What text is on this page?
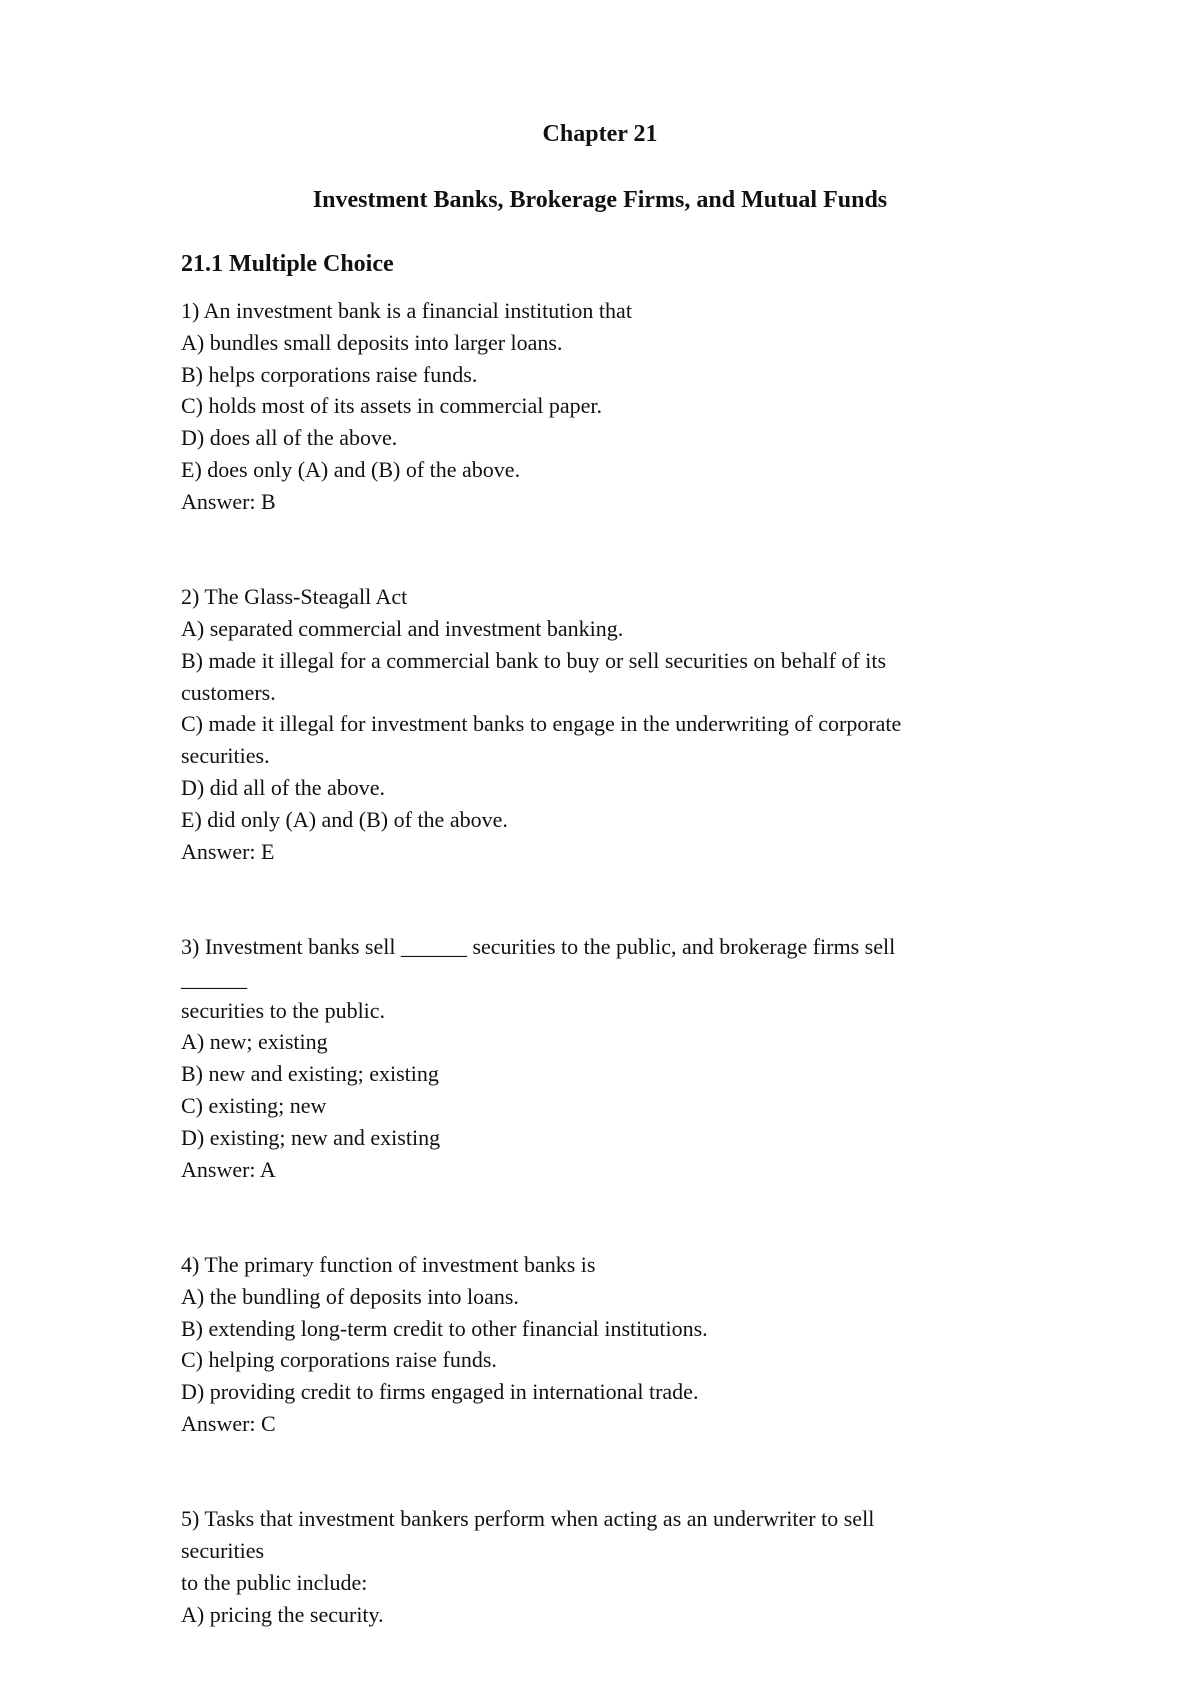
Chapter 21
Investment Banks, Brokerage Firms, and Mutual Funds
21.1 Multiple Choice
1) An investment bank is a financial institution that
A) bundles small deposits into larger loans.
B) helps corporations raise funds.
C) holds most of its assets in commercial paper.
D) does all of the above.
E) does only (A) and (B) of the above.
Answer: B
2) The Glass-Steagall Act
A) separated commercial and investment banking.
B) made it illegal for a commercial bank to buy or sell securities on behalf of its
customers.
C) made it illegal for investment banks to engage in the underwriting of corporate
securities.
D) did all of the above.
E) did only (A) and (B) of the above.
Answer: E
3) Investment banks sell ______ securities to the public, and brokerage firms sell
______
securities to the public.
A) new; existing
B) new and existing; existing
C) existing; new
D) existing; new and existing
Answer: A
4) The primary function of investment banks is
A) the bundling of deposits into loans.
B) extending long-term credit to other financial institutions.
C) helping corporations raise funds.
D) providing credit to firms engaged in international trade.
Answer: C
5) Tasks that investment bankers perform when acting as an underwriter to sell
securities
to the public include:
A) pricing the security.
